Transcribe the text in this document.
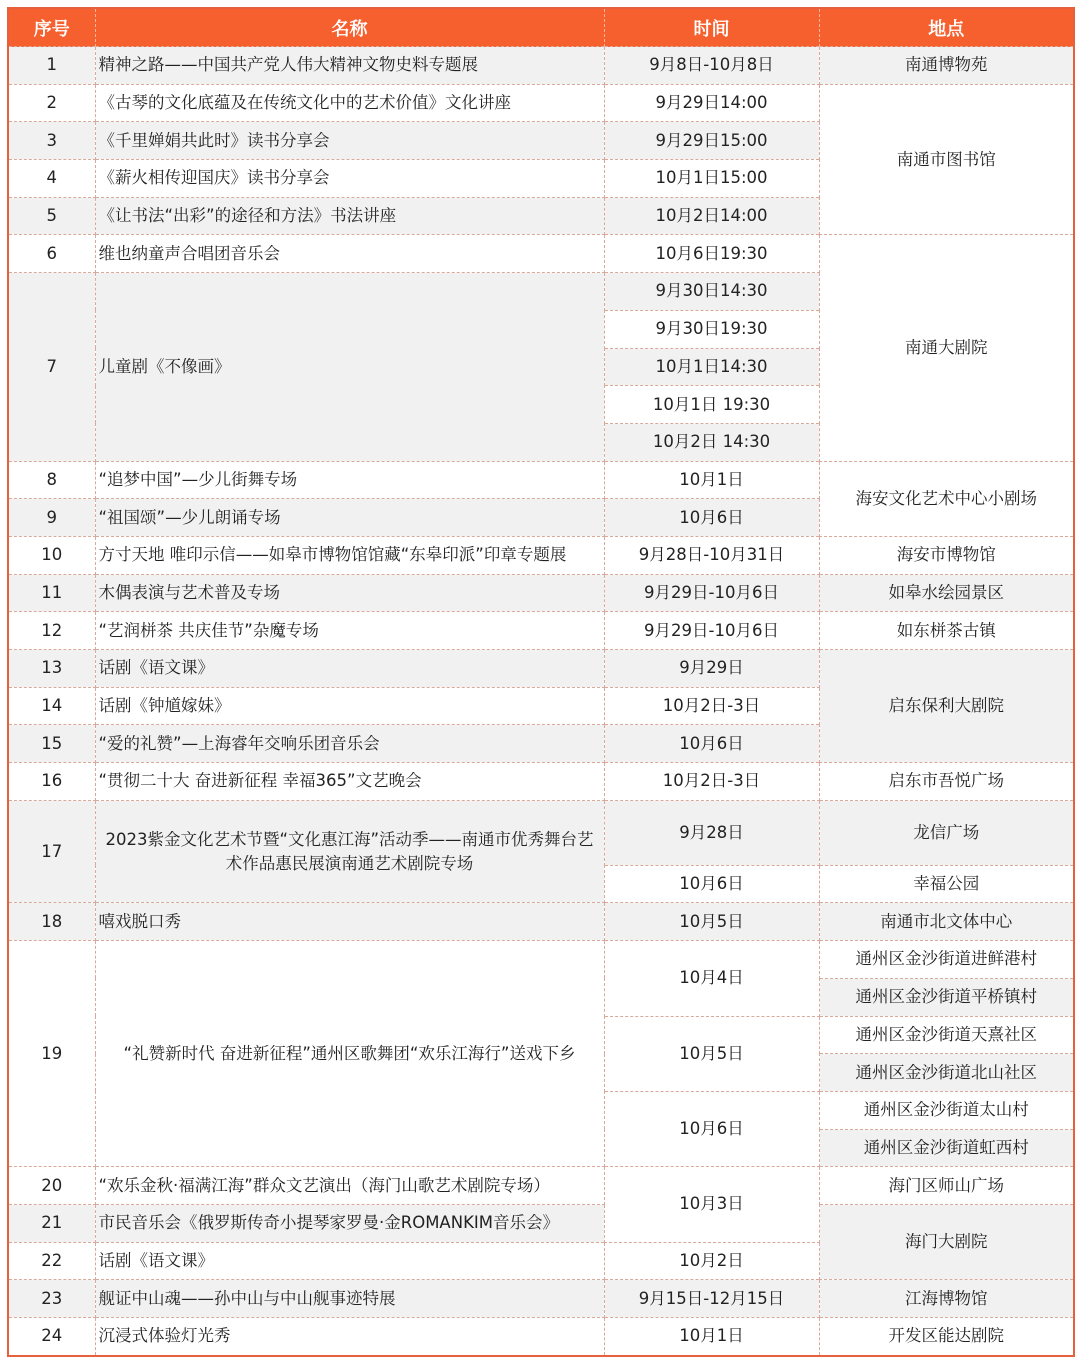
序号	名称	时间	地点
1	精神之路——中国共产党人伟大精神文物史料专题展	9月8日-10月8日	南通博物苑
2	《古琴的文化底蕴及在传统文化中的艺术价值》文化讲座	9月29日14:00	南通市图书馆
3	《千里婵娟共此时》读书分享会	9月29日15:00	
4	《薪火相传迎国庆》读书分享会	10月1日15:00	
5	《让书法“出彩”的途径和方法》书法讲座	10月2日14:00	
6	维也纳童声合唱团音乐会	10月6日19:30	南通大剧院
7	儿童剧《不像画》	9月30日14:30	
		9月30日19:30	
		10月1日14:30	
		10月1日 19:30	
		10月2日 14:30	
8	“追梦中国”—少儿街舞专场	10月1日	海安文化艺术中心小剧场
9	“祖国颂”—少儿朗诵专场	10月6日	
10	方寸天地 唯印示信——如皋市博物馆馆藏“东皋印派”印章专题展	9月28日-10月31日	海安市博物馆
11	木偶表演与艺术普及专场	9月29日-10月6日	如皋水绘园景区
12	“艺润栟茶 共庆佳节”杂魔专场	9月29日-10月6日	如东栟茶古镇
13	话剧《语文课》	9月29日	启东保利大剧院
14	话剧《钟馗嫁妹》	10月2日-3日	
15	“爱的礼赞”—上海睿年交响乐团音乐会	10月6日	
16	“贯彻二十大 奋进新征程 幸福365”文艺晚会	10月2日-3日	启东市吾悦广场
17	2023紫金文化艺术节暨“文化惠江海”活动季——南通市优秀舞台艺术作品惠民展演南通艺术剧院专场	9月28日	龙信广场
		10月6日	幸福公园
18	嘻戏脱口秀	10月5日	南通市北文体中心
19	“礼赞新时代 奋进新征程”通州区歌舞团“欢乐江海行”送戏下乡	10月4日	通州区金沙街道进鲜港村
			通州区金沙街道平桥镇村
		10月5日	通州区金沙街道天熹社区
			通州区金沙街道北山社区
		10月6日	通州区金沙街道太山村
			通州区金沙街道虹西村
20	“欢乐金秋·福满江海”群众文艺演出（海门山歌艺术剧院专场）	10月3日	海门区师山广场
21	市民音乐会《俄罗斯传奇小提琴家罗曼·金ROMANKIM音乐会》		海门大剧院
22	话剧《语文课》	10月2日	
23	舰证中山魂——孙中山与中山舰事迹特展	9月15日-12月15日	江海博物馆
24	沉浸式体验灯光秀	10月1日	开发区能达剧院
